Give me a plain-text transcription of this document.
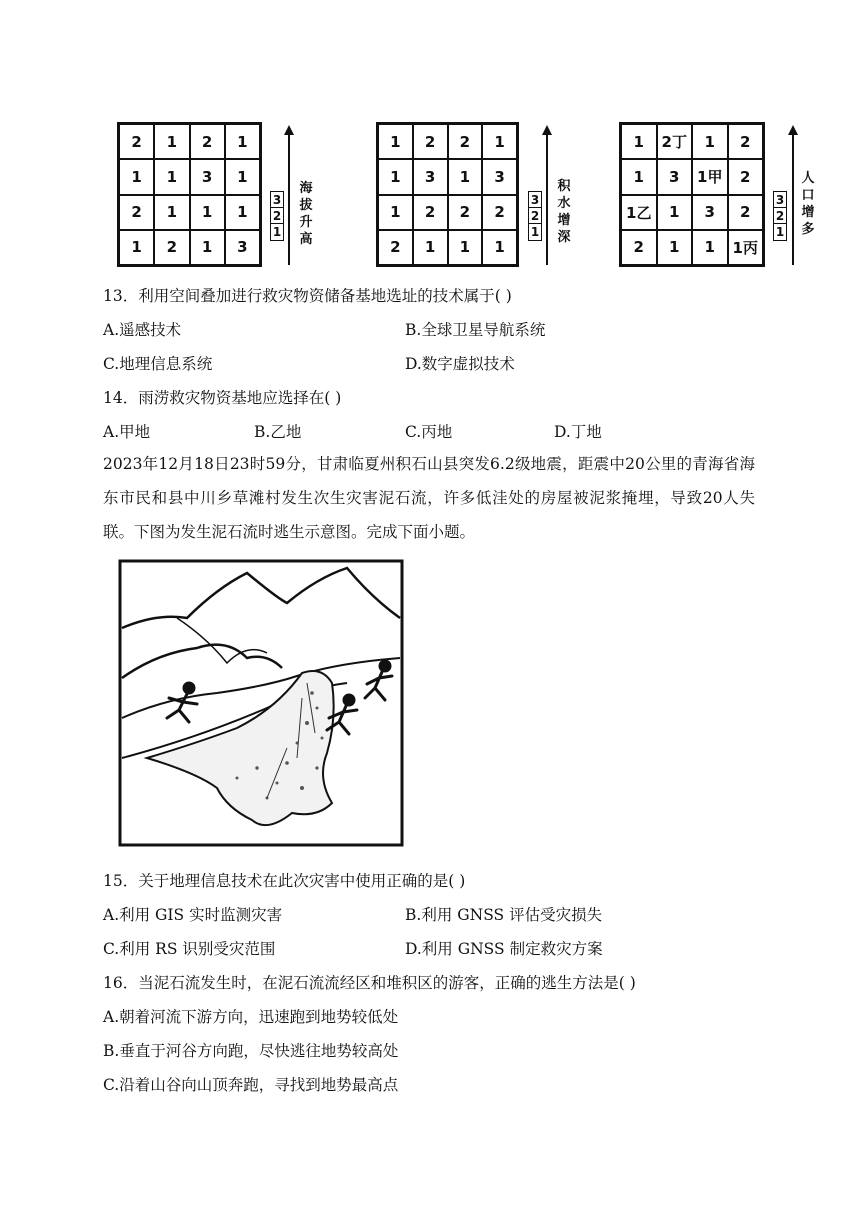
2	1	2	1
1	1	3	1
2	1	1	1
1	2	1	3
3
2
1
海
拔
升
高
1	2	2	1
1	3	1	3
1	2	2	2
2	1	1	1
3
2
1
积
水
增
深
1	2丁	1	2
1	3	1甲	2
1乙	1	3	2
2	1	1	1丙
3
2
1
人
口
增
多
13．利用空间叠加进行救灾物资储备基地选址的技术属于( )
A.遥感技术	B.全球卫星导航系统
C.地理信息系统	D.数字虚拟技术
14．雨涝救灾物资基地应选择在( )
A.甲地	B.乙地	C.丙地	D.丁地
2023年12月18日23时59分，甘肃临夏州积石山县突发6.2级地震，距震中20公里的青海省海东市民和县中川乡草滩村发生次生灾害泥石流，许多低洼处的房屋被泥浆掩埋，导致20人失联。下图为发生泥石流时逃生示意图。完成下面小题。
15．关于地理信息技术在此次灾害中使用正确的是( )
A.利用 GIS 实时监测灾害	B.利用 GNSS 评估受灾损失
C.利用 RS 识别受灾范围	D.利用 GNSS 制定救灾方案
16．当泥石流发生时，在泥石流流经区和堆积区的游客，正确的逃生方法是( )
A.朝着河流下游方向，迅速跑到地势较低处
B.垂直于河谷方向跑，尽快逃往地势较高处
C.沿着山谷向山顶奔跑，寻找到地势最高点
